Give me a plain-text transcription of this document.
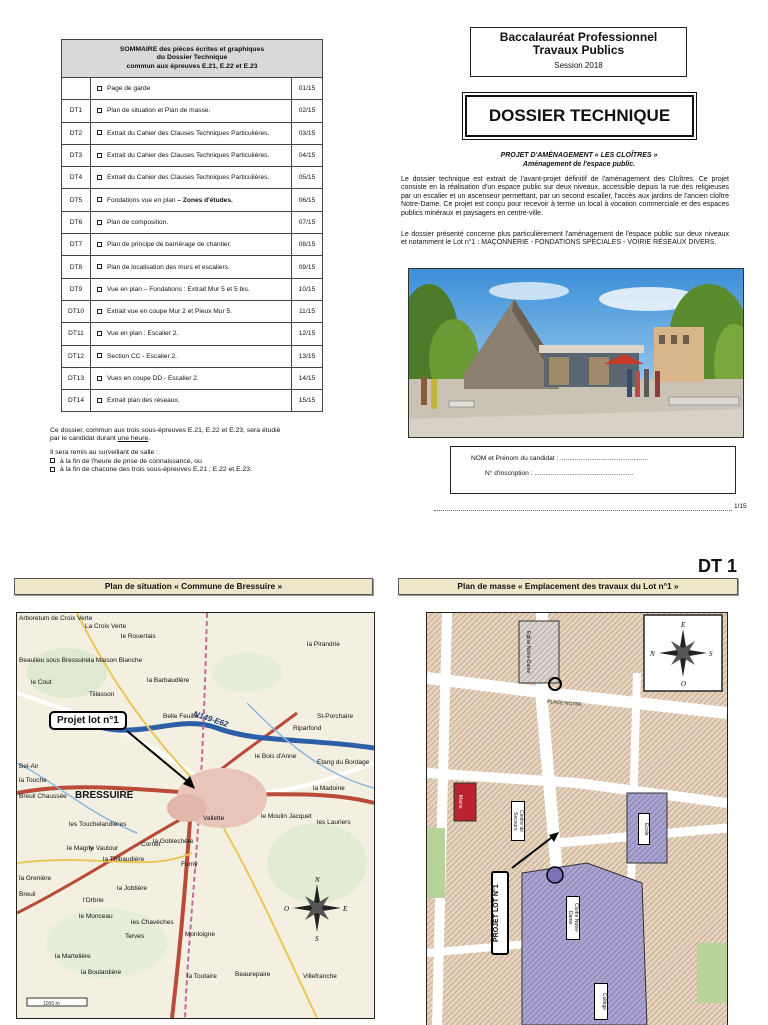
SOMMAIRE des pièces écrites et graphiques
du Dossier Technique
commun aux épreuves E.21, E.22 et E.23		

	Page de garde	01/15
DT1	Plan de situation et Plan de masse.	02/15
DT2	Extrait du Cahier des Clauses Techniques Particulières.	03/15
DT3	Extrait du Cahier des Clauses Techniques Particulières.	04/15
DT4	Extrait du Cahier des Clauses Techniques Particulières.	05/15
DT5	Fondations vue en plan – Zones d'études.	06/15
DT6	Plan de composition.	07/15
DT7	Plan de principe de barriérage de chantier.	08/15
DT8	Plan de localisation des murs et escaliers.	09/15
DT9	Vue en plan – Fondations : Extrait Mur 5 et 5 bis.	10/15
DT10	Extrait vue en coupe Mur 2 et Pieux Mur 5.	11/15
DT11	Vue en plan : Escalier 2.	12/15
DT12	Section CC - Escalier 2.	13/15
DT13	Vues en coupe DD - Escalier 2.	14/15
DT14	Extrait plan des réseaux.	15/15
Ce dossier, commun aux trois sous-épreuves E.21, E.22 et E.23, sera étudié
par le candidat durant une heure.
Il sera remis au surveillant de salle :
à la fin de l'heure de prise de connaissance, ou
à la fin de chacune des trois sous-épreuves E.21 ; E.22 et E.23.
Baccalauréat Professionnel
Travaux Publics
Session 2018
DOSSIER TECHNIQUE
PROJET D'AMÉNAGEMENT « LES CLOÎTRES »
Aménagement de l'espace public.
Le dossier technique est extrait de l'avant-projet définitif de l'aménagement des Cloîtres. Ce projet consiste en la réalisation d'un espace public sur deux niveaux, accessible depuis la rue des religieuses par un escalier et un ascenseur permettant, par un second escalier, l'accès aux jardins de l'ancien cloître Notre-Dame. Ce projet est conçu pour recevoir à terme un local à vocation commerciale et des espaces publics minéraux et paysagers en centre-ville.
Le dossier présenté concerne plus particulièrement l'aménagement de l'espace public sur deux niveaux et notamment le Lot n°1 : MAÇONNERIE - FONDATIONS SPÉCIALES - VOIRIE RÉSEAUX DIVERS.
NOM et Prénom du candidat : ................................................
N° d'inscription : ......................................................
1/15
DT 1
Plan de situation « Commune de Bressuire »	Plan de masse « Emplacement des travaux du Lot n°1 »
1000 m
N
S
E
O
N149-E62
La Croix Verte
le Rouertais
la Pirandrie
Beaulieu sous Bressuire la Maison Blanche
le Cout	la Barbaudière
Tillasson
Bel-Air
la Touche
Breuil Chaussée
les Touchelandières
la Goblechère
le Magny
le Vautour
Cornet
la Thibaudière
Furny
la Jobtière
l'Orbrie
le Monceau
les Chavèches
Terves
la Martelière
la Boulardière
Monloigne
la Toutaire	Beaurepaire	Villefranche
Riparfond
la Madoine
les Lauriers
le Moulin Jacquet
Vallette
le Bois d'Anne
Belle Feuille	St-Porchaire
la Grenière
Breuil
Etang du Bordage
Arboretum de Croix Verte
Projet lot n°1
BRESSUIRE
E
O
S
N
PLACE NOTRE
Eglise Notre-Dame
Centre de Secours
Mairie
Ecole
Cloitre Notre-Dame
Collège
PROJET LOT N°1
